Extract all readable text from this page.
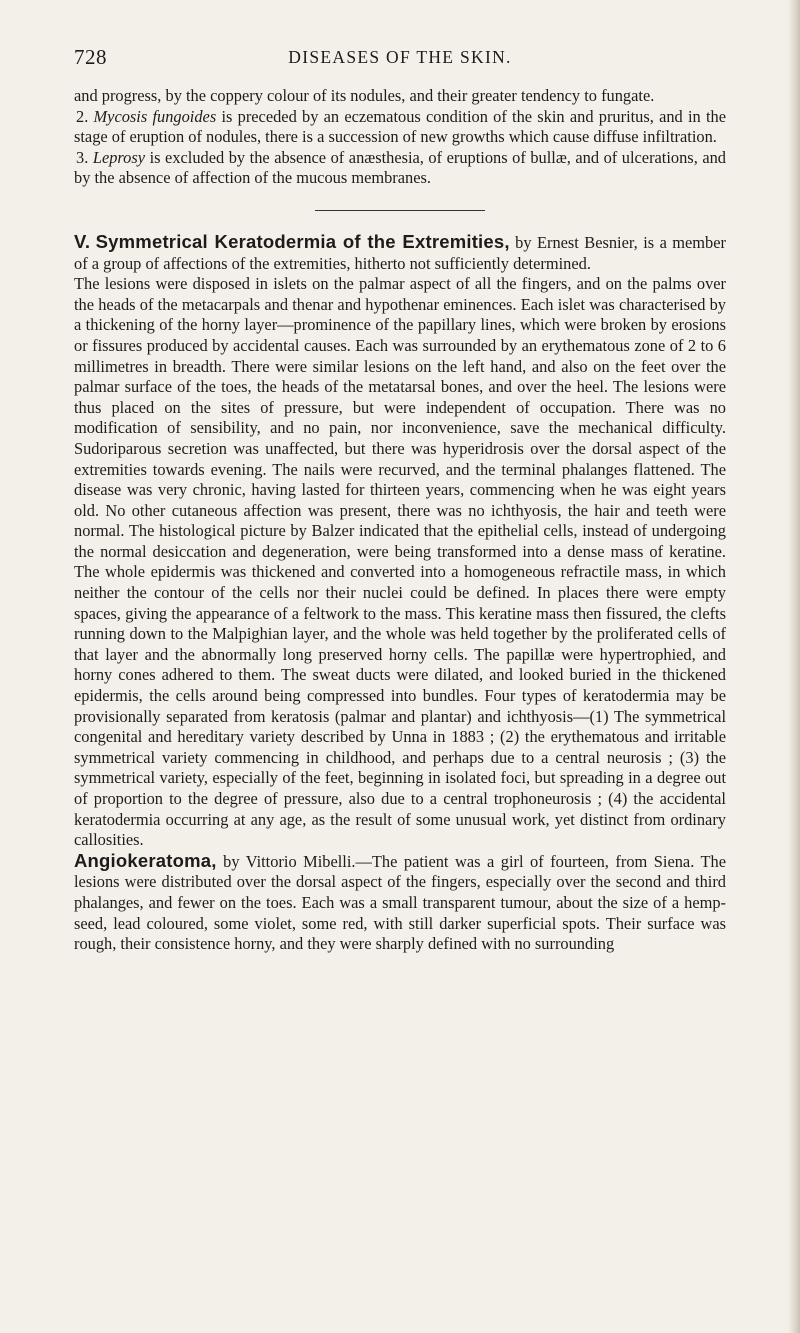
728	DISEASES OF THE SKIN.

and progress, by the coppery colour of its nodules, and their greater tendency to fungate.

2. Mycosis fungoides is preceded by an eczematous condition of the skin and pruritus, and in the stage of eruption of nodules, there is a succession of new growths which cause diffuse infiltration.

3. Leprosy is excluded by the absence of anæsthesia, of eruptions of bullæ, and of ulcerations, and by the absence of affection of the mucous membranes.

V. Symmetrical Keratodermia of the Extremities, by Ernest Besnier, is a member of a group of affections of the extremities, hitherto not sufficiently determined.

The lesions were disposed in islets on the palmar aspect of all the fingers, and on the palms over the heads of the metacarpals and thenar and hypothenar eminences. Each islet was characterised by a thickening of the horny layer—prominence of the papillary lines, which were broken by erosions or fissures produced by accidental causes. Each was surrounded by an erythematous zone of 2 to 6 millimetres in breadth. There were similar lesions on the left hand, and also on the feet over the palmar surface of the toes, the heads of the metatarsal bones, and over the heel. The lesions were thus placed on the sites of pressure, but were independent of occupation. There was no modification of sensibility, and no pain, nor inconvenience, save the mechanical difficulty. Sudoriparous secretion was unaffected, but there was hyperidrosis over the dorsal aspect of the extremities towards evening. The nails were recurved, and the terminal phalanges flattened. The disease was very chronic, having lasted for thirteen years, commencing when he was eight years old. No other cutaneous affection was present, there was no ichthyosis, the hair and teeth were normal. The histological picture by Balzer indicated that the epithelial cells, instead of undergoing the normal desiccation and degeneration, were being transformed into a dense mass of keratine. The whole epidermis was thickened and converted into a homogeneous refractile mass, in which neither the contour of the cells nor their nuclei could be defined. In places there were empty spaces, giving the appearance of a feltwork to the mass. This keratine mass then fissured, the clefts running down to the Malpighian layer, and the whole was held together by the proliferated cells of that layer and the abnormally long preserved horny cells. The papillæ were hypertrophied, and horny cones adhered to them. The sweat ducts were dilated, and looked buried in the thickened epidermis, the cells around being compressed into bundles. Four types of keratodermia may be provisionally separated from keratosis (palmar and plantar) and ichthyosis—(1) The symmetrical congenital and hereditary variety described by Unna in 1883 ; (2) the erythematous and irritable symmetrical variety commencing in childhood, and perhaps due to a central neurosis ; (3) the symmetrical variety, especially of the feet, beginning in isolated foci, but spreading in a degree out of proportion to the degree of pressure, also due to a central trophoneurosis ; (4) the accidental keratodermia occurring at any age, as the result of some unusual work, yet distinct from ordinary callosities.

Angiokeratoma, by Vittorio Mibelli.—The patient was a girl of fourteen, from Siena. The lesions were distributed over the dorsal aspect of the fingers, especially over the second and third phalanges, and fewer on the toes. Each was a small transparent tumour, about the size of a hemp-seed, lead coloured, some violet, some red, with still darker superficial spots. Their surface was rough, their consistence horny, and they were sharply defined with no surrounding
